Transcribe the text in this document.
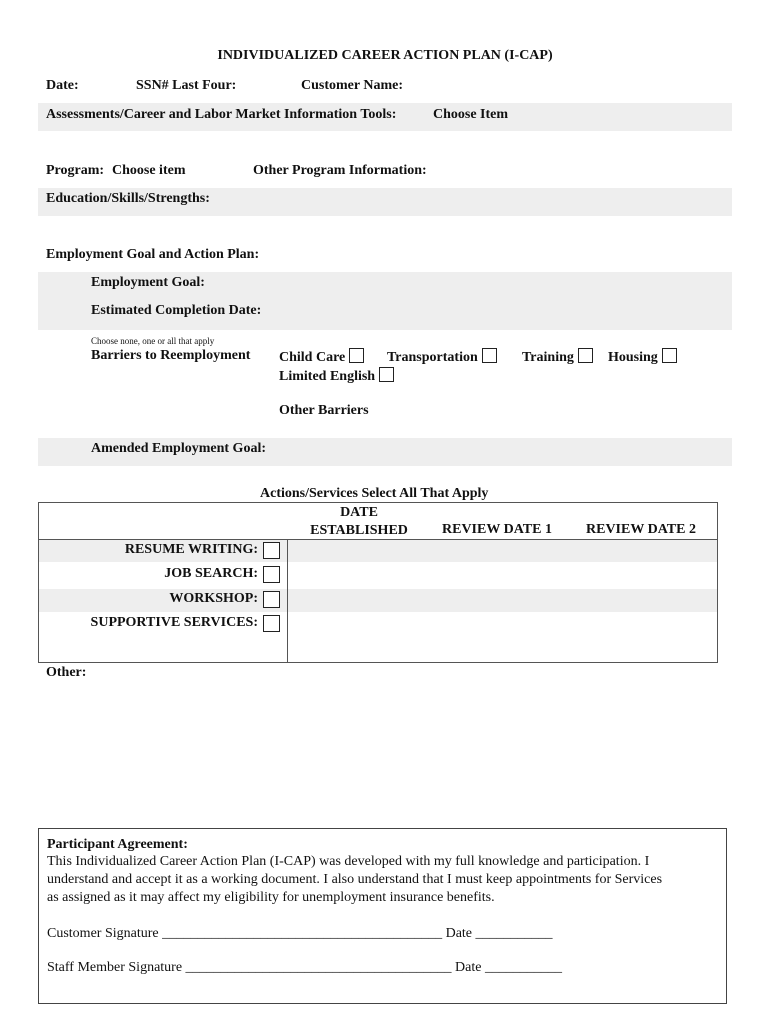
INDIVIDUALIZED CAREER ACTION PLAN (I-CAP)
Date:	SSN# Last Four:	Customer Name:
Assessments/Career and Labor Market Information Tools:	Choose Item
Program: Choose item	Other Program Information:
Education/Skills/Strengths:
Employment Goal and Action Plan:
Employment Goal:
Estimated Completion Date:
Choose none, one or all that apply
Barriers to Reemployment Child Care	Transportation	Training	Housing
Limited English
Other Barriers
Amended Employment Goal:
Actions/Services Select All That Apply
DATE
ESTABLISHED	REVIEW DATE 1 REVIEW DATE 2
RESUME WRITING:
JOB SEARCH:
WORKSHOP:
SUPPORTIVE SERVICES:
Other:
Participant Agreement:
This Individualized Career Action Plan (I-CAP) was developed with my full knowledge and participation. I
understand and accept it as a working document. I also understand that I must keep appointments for Services
as assigned as it may affect my eligibility for unemployment insurance benefits.
Customer Signature ________________________________________ Date ___________
Staff Member Signature ______________________________________ Date ___________
